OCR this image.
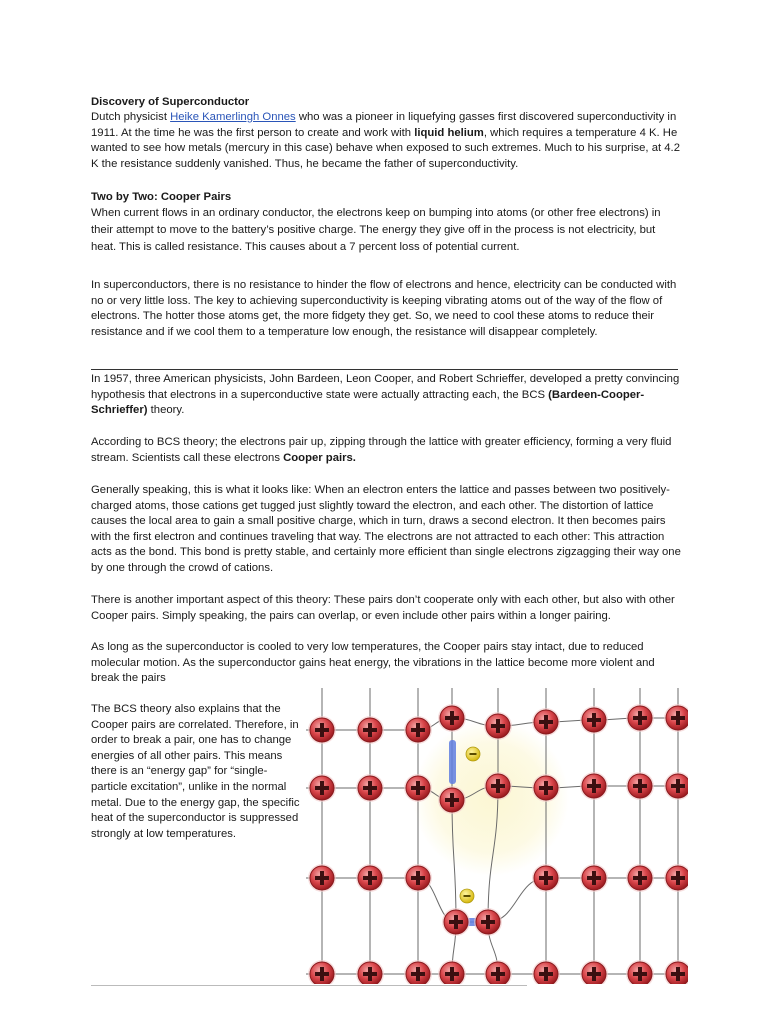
Discovery of Superconductor
Dutch physicist Heike Kamerlingh Onnes who was a pioneer in liquefying gasses first discovered superconductivity in 1911. At the time he was the first person to create and work with liquid helium, which requires a temperature 4 K. He wanted to see how metals (mercury in this case) behave when exposed to such extremes. Much to his surprise, at 4.2 K the resistance suddenly vanished. Thus, he became the father of superconductivity.
Two by Two: Cooper Pairs
When current flows in an ordinary conductor, the electrons keep on bumping into atoms (or other free electrons) in their attempt to move to the battery’s positive charge. The energy they give off in the process is not electricity, but heat. This is called resistance. This causes about a 7 percent loss of potential current.
In superconductors, there is no resistance to hinder the flow of electrons and hence, electricity can be conducted with no or very little loss. The key to achieving superconductivity is keeping vibrating atoms out of the way of the flow of electrons. The hotter those atoms get, the more fidgety they get. So, we need to cool these atoms to reduce their resistance and if we cool them to a temperature low enough, the resistance will disappear completely.
In 1957, three American physicists, John Bardeen, Leon Cooper, and Robert Schrieffer, developed a pretty convincing hypothesis that electrons in a superconductive state were actually attracting each, the BCS (Bardeen-Cooper-Schrieffer) theory.
According to BCS theory; the electrons pair up, zipping through the lattice with greater efficiency, forming a very fluid stream. Scientists call these electrons Cooper pairs.
Generally speaking, this is what it looks like: When an electron enters the lattice and passes between two positively-charged atoms, those cations get tugged just slightly toward the electron, and each other. The distortion of lattice causes the local area to gain a small positive charge, which in turn, draws a second electron. It then becomes pairs with the first electron and continues traveling that way. The electrons are not attracted to each other: This attraction acts as the bond. This bond is pretty stable, and certainly more efficient than single electrons zigzagging their way one by one through the crowd of cations.
There is another important aspect of this theory: These pairs don’t cooperate only with each other, but also with other Cooper pairs. Simply speaking, the pairs can overlap, or even include other pairs within a longer pairing.
As long as the superconductor is cooled to very low temperatures, the Cooper pairs stay intact, due to reduced molecular motion. As the superconductor gains heat energy, the vibrations in the lattice become more violent and break the pairs
The BCS theory also explains that the Cooper pairs are correlated. Therefore, in order to break a pair, one has to change energies of all other pairs. This means there is an “energy gap” for “single-particle excitation”, unlike in the normal metal. Due to the energy gap, the specific heat of the superconductor is suppressed strongly at low temperatures.
